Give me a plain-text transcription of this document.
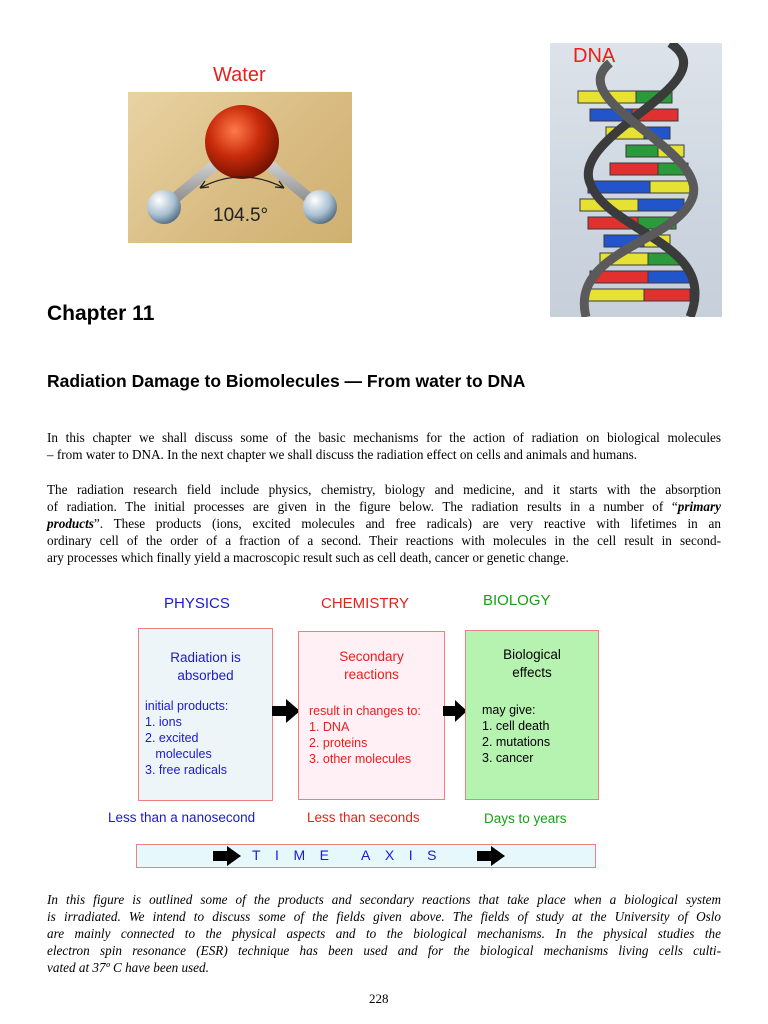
Water
104.5°
DNA
Chapter 11
Radiation Damage to Biomolecules — From water to DNA
In this chapter we shall discuss some of the basic mechanisms for the action of radiation on biological molecules
– from water to DNA. In the next chapter we shall discuss the radiation effect on cells and animals and humans.
The radiation research field include physics, chemistry, biology and medicine, and it starts with the absorption
of radiation. The initial processes are given in the figure below. The radiation results in a number of “primary
products”. These products (ions, excited molecules and free radicals) are very reactive with lifetimes in an
ordinary cell of the order of a fraction of a second. Their reactions with molecules in the cell result in second-
ary processes which finally yield a macroscopic result such as cell death, cancer or genetic change.
PHYSICS	CHEMISTRY	BIOLOGY
Radiation is
absorbed
initial products:
1. ions
2. excited
molecules
3. free radicals
Secondary
reactions
result in changes to:
1. DNA
2. proteins
3. other molecules
Biological
effects
may give:
1. cell death
2. mutations
3. cancer
Less than a nanosecond	Less than seconds	Days to years
TIME AXIS
In this figure is outlined some of the products and secondary reactions that take place when a biological system
is irradiated. We intend to discuss some of the fields given above. The fields of study at the University of Oslo
are mainly connected to the physical aspects and to the biological mechanisms. In the physical studies the
electron spin resonance (ESR) technique has been used and for the biological mechanisms living cells culti-
vated at 37º C have been used.
228
